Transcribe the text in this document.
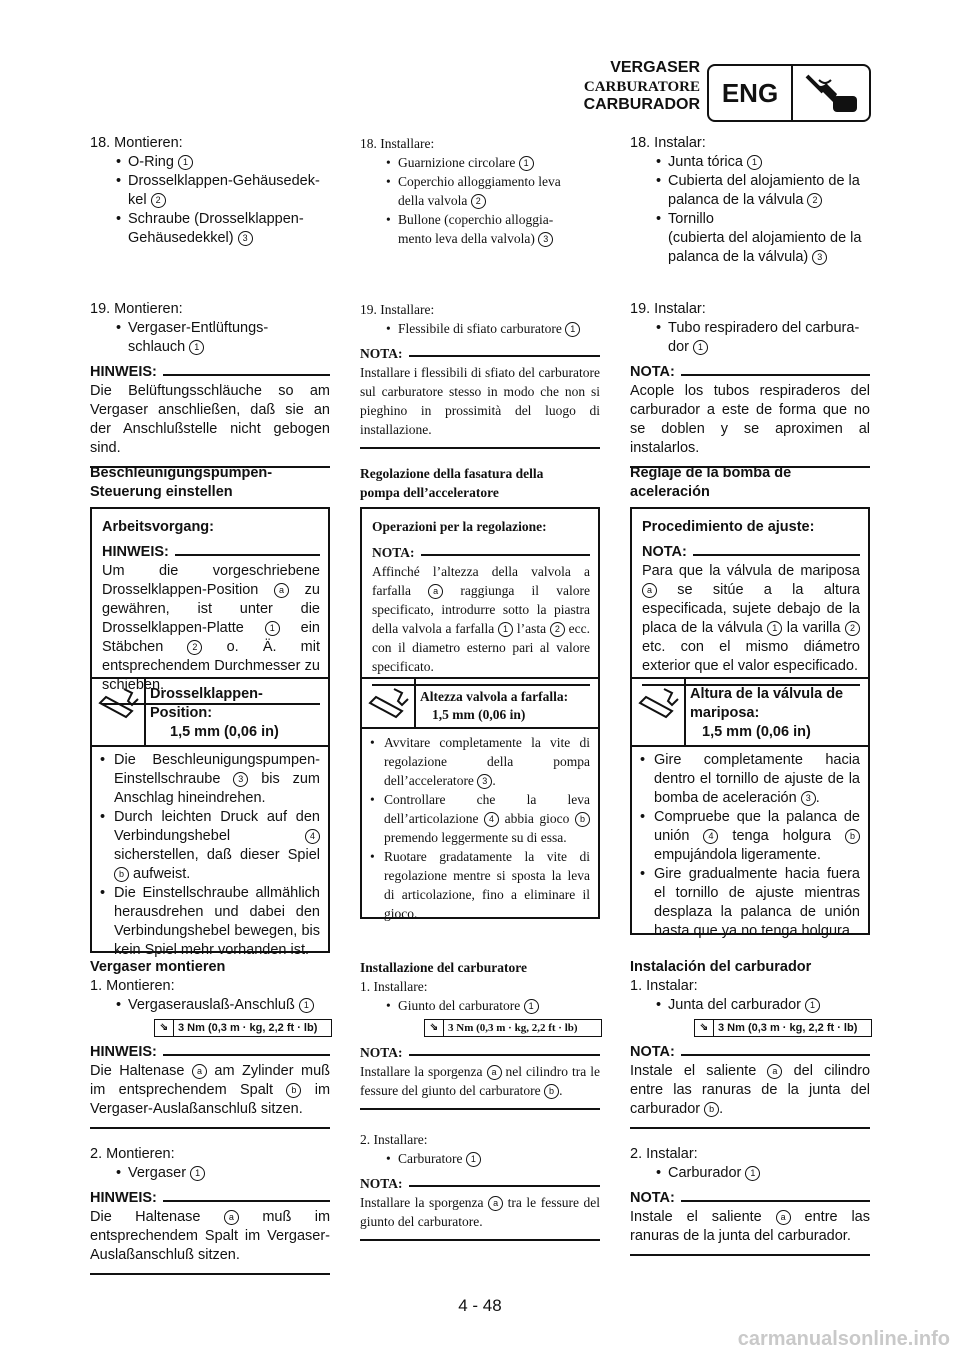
VERGASER
CARBURATORE
CARBURADOR ENG
18. Montieren:
• O-Ring 1
• Drosselklappen-Gehäusedek-
kel 2
• Schraube (Drosselklappen-
Gehäusedekkel) 3
19. Montieren:
• Vergaser-Entlüftungs-
schlauch 1
HINWEIS:
Die Belüftungsschläuche so am Vergaser anschließen, daß sie an der Anschlußstelle nicht gebogen sind.
Beschleunigungspumpen-
Steuerung einstellen
Arbeitsvorgang:
HINWEIS:
Um die vorgeschriebene Drosselklappen-Position a zu gewähren, ist unter die Drosselklappen-Platte	1 ein Stäbchen	2 o. Ä. mit entsprechendem Durchmesser zu schieben.
Drosselklappen-
Position:
1,5 mm (0,06 in)
• Die Beschleunigungspumpen-Einstellschraube 3 bis zum Anschlag hineindrehen.
• Durch leichten Druck auf den Verbindungshebel	4 sicherstellen, daß dieser Spiel b aufweist.
• Die Einstellschraube allmählich herausdrehen und dabei den Verbindungshebel bewegen, bis kein Spiel mehr vorhanden ist.
Vergaser montieren
1. Montieren:
• Vergaserauslaß-Anschluß 1
⇘ 3 Nm (0,3 m · kg, 2,2 ft · lb)
HINWEIS:
Die Haltenase a am Zylinder muß im entsprechendem Spalt b im Vergaser-Auslaßanschluß sitzen.
2. Montieren:
• Vergaser 1
HINWEIS:
Die Haltenase	a muß im entsprechendem Spalt im Vergaser-Auslaßanschluß sitzen.
18. Installare:
• Guarnizione circolare 1
• Coperchio alloggiamento leva
della valvola 2
• Bullone (coperchio alloggia-
mento leva della valvola) 3
19. Installare:
• Flessibile di sfiato carburatore 1
NOTA:
Installare i flessibili di sfiato del carburatore sul carburatore stesso in modo che non si pieghino in prossimità del luogo di installazione.
Regolazione della fasatura della
pompa dell’acceleratore
Operazioni per la regolazione:
NOTA:
Affinché l’altezza della valvola a farfalla a raggiunga il valore specificato, introdurre sotto la piastra della valvola a farfalla 1 l’asta 2 ecc. con il diametro esterno pari al valore specificato.
Altezza valvola a farfalla:
1,5 mm (0,06 in)
• Avvitare completamente la vite di regolazione della pompa dell’acceleratore 3 .
• Controllare che la leva dell’articolazione 4 abbia gioco b premendo leggermente su di essa.
• Ruotare gradatamente la vite di regolazione mentre si sposta la leva di articolazione, fino a eliminare il gioco.
Installazione del carburatore
1. Installare:
• Giunto del carburatore 1
⇘ 3 Nm (0,3 m · kg, 2,2 ft · lb)
NOTA:
Installare la sporgenza a nel cilindro tra le fessure del giunto del carburatore b .
2. Installare:
• Carburatore 1
NOTA:
Installare la sporgenza a tra le fessure del giunto del carburatore.
18. Instalar:
• Junta tórica 1
• Cubierta del alojamiento de la
palanca de la válvula 2
• Tornillo
(cubierta del alojamiento de la
palanca de la válvula) 3
19. Instalar:
• Tubo respiradero del carbura-
dor 1
NOTA:
Acople los tubos respiraderos del carburador a este de forma que no se doblen y se aproximen al instalarlos.
Reglaje de la bomba de
aceleración
Procedimiento de ajuste:
NOTA:
Para que la válvula de mariposa a se sitúe a la altura especificada, sujete debajo de la placa de la válvula 1 la varilla 2 etc. con el mismo diámetro exterior que el valor especificado.
Altura de la válvula de
mariposa:
1,5 mm (0,06 in)
• Gire completamente hacia dentro el tornillo de ajuste de la bomba de aceleración 3 .
• Compruebe que la palanca de unión 4 tenga holgura b empujándola ligeramente.
• Gire gradualmente hacia fuera el tornillo de ajuste mientras desplaza la palanca de unión hasta que ya no tenga holgura.
Instalación del carburador
1. Instalar:
• Junta del carburador 1
⇘ 3 Nm (0,3 m · kg, 2,2 ft · lb)
NOTA:
Instale el saliente a del cilindro entre las ranuras de la junta del carburador b .
2. Instalar:
• Carburador 1
NOTA:
Instale el saliente a entre las ranuras de la junta del carburador.
4 - 48
carmanualsonline.info
